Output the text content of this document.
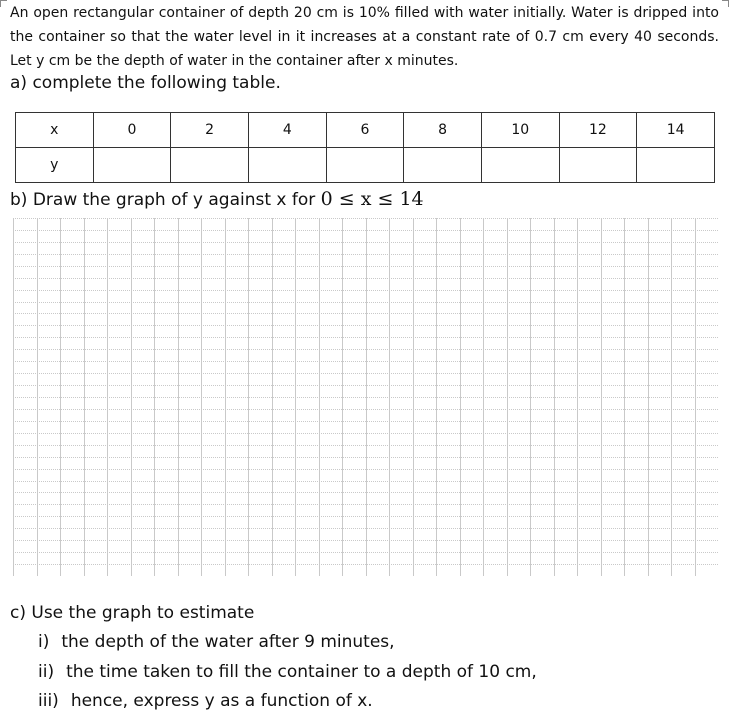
An open rectangular container of depth 20 cm is 10% filled with water initially. Water is dripped into the container so that the water level in it increases at a constant rate of 0.7 cm every 40 seconds. Let y cm be the depth of water in the container after x minutes.

a) complete the following table.

x	0	2	4	6	8	10	12	14
y								

b) Draw the graph of y against x for 0 ≤ x ≤ 14

c) Use the graph to estimate

i) the depth of the water after 9 minutes,

ii) the time taken to fill the container to a depth of 10 cm,

iii) hence, express y as a function of x.
